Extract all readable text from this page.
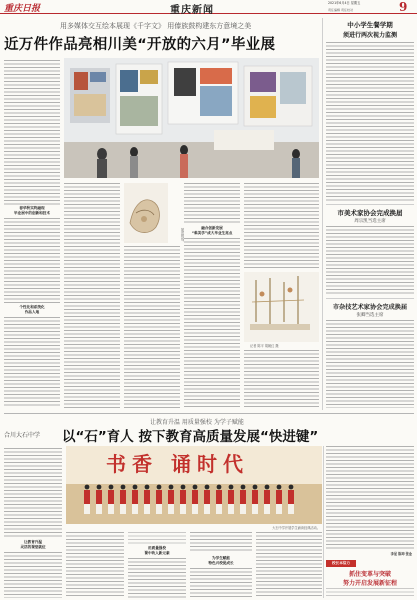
重庆日报	重庆新闻
2021年6月4日 星期五
责任编辑 责任校对	9
用多媒体交互绘本展现《千字文》 用傣族鼓构建东方意境之美
近万件作品亮相川美“开放的六月”毕业展
春华秋实终融现
毕业展中的创新和技术
个性化和系统化
作品人地
展出现场。	融合创新发展
“难美学”成大毕业生亮点
记者 陈平 胡朝红 摄
中小学生餐学期
须进行两次视力监测
市美术家协会完成换届
周宗凯当选主席
市杂技艺术家协会完成换届
张卿当选主席
让教育升温 用质量强校 为学子赋能
合川大石中学 以“石”育人 按下教育高质量发展“快进键”
让教育升温
灵活的课堂就位
书香 诵时代
大石中学开展学生诵读经典活动。
用质量强校
课中吹入新元素
为学生赋能
特色兴校促成长
李星 陈坤 张金
校长本信力
抓住变革与突破
努力开启发展新征程
